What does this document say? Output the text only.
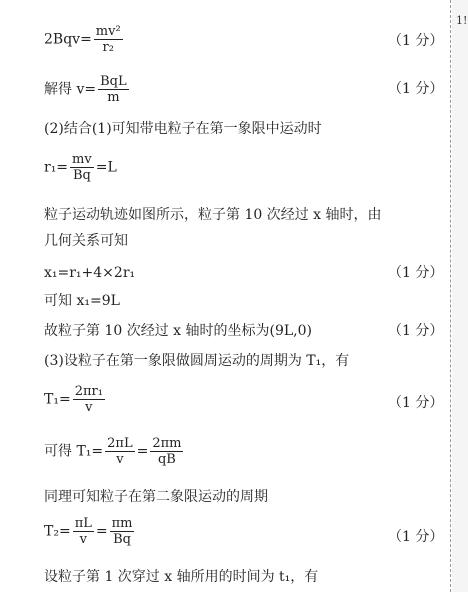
1!
$2Bqv= \frac{\text{mv²}}{\text{r₂}}$	（1 分）
解得 $v= \frac{\text{BqL}}{m}$	（1 分）
(2)结合(1)可知带电粒子在第一象限中运动时
$r_1= \frac{mv}{Bq} =L$
粒子运动轨迹如图所示，粒子第 10 次经过 x 轴时，由
几何关系可知
x₁=r₁+4×2r₁	（1 分）
可知 x₁=9L
故粒子第 10 次经过 x 轴时的坐标为(9L,0)	（1 分）
(3)设粒子在第一象限做圆周运动的周期为 T₁，有
$T_1= \frac{\text{2πr₁}}{v}$	（1 分）
可得 $T_1= \frac{2\pi L}{v} = \frac{2\pi m}{qB}$
同理可知粒子在第二象限运动的周期
$T_2= \frac{\pi L}{v} = \frac{\pi m}{Bq}$	（1 分）
设粒子第 1 次穿过 x 轴所用的时间为 t₁，有
